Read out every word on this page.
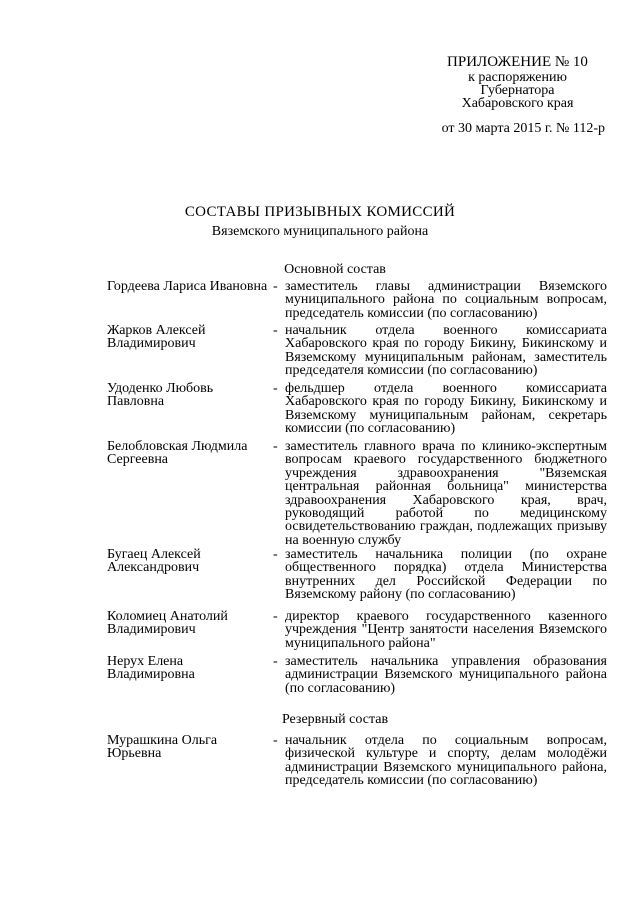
ПРИЛОЖЕНИЕ № 10
к распоряжению
Губернатора
Хабаровского края
от 30 марта 2015 г. № 112-р
СОСТАВЫ ПРИЗЫВНЫХ КОМИССИЙ
Вяземского муниципального района
Основной состав
Гордеева Лариса Ивановна - заместитель главы администрации Вяземского муниципального района по социальным вопросам, председатель комиссии (по согласованию)
Жарков Алексей Владимирович
- начальник отдела военного комиссариата Хабаровского края по городу Бикину, Бикинскому и Вяземскому муниципальным районам, заместитель председателя комиссии (по согласованию)
Удоденко Любовь Павловна
- фельдшер отдела военного комиссариата Хабаровского края по городу Бикину, Бикинскому и Вяземскому муниципальным районам, секретарь комиссии (по согласованию)
Белобловская Людмила Сергеевна
- заместитель главного врача по клинико-экспертным вопросам краевого государственного бюджетного учреждения здравоохранения "Вяземская центральная районная больница" министерства здравоохранения Хабаровского края, врач, руководящий работой по медицинскому освидетельствованию граждан, подлежащих призыву на военную службу
Бугаец Алексей Александрович
- заместитель начальника полиции (по охране общественного порядка) отдела Министерства внутренних дел Российской Федерации по Вяземскому району (по согласованию)
Коломиец Анатолий Владимирович
- директор краевого государственного казенного учреждения "Центр занятости населения Вяземского муниципального района"
Нерух Елена Владимировна
- заместитель начальника управления образования администрации Вяземского муниципального района (по согласованию)
Резервный состав
Мурашкина Ольга Юрьевна
- начальник отдела по социальным вопросам, физической культуре и спорту, делам молодёжи администрации Вяземского муниципального района, председатель комиссии (по согласованию)
